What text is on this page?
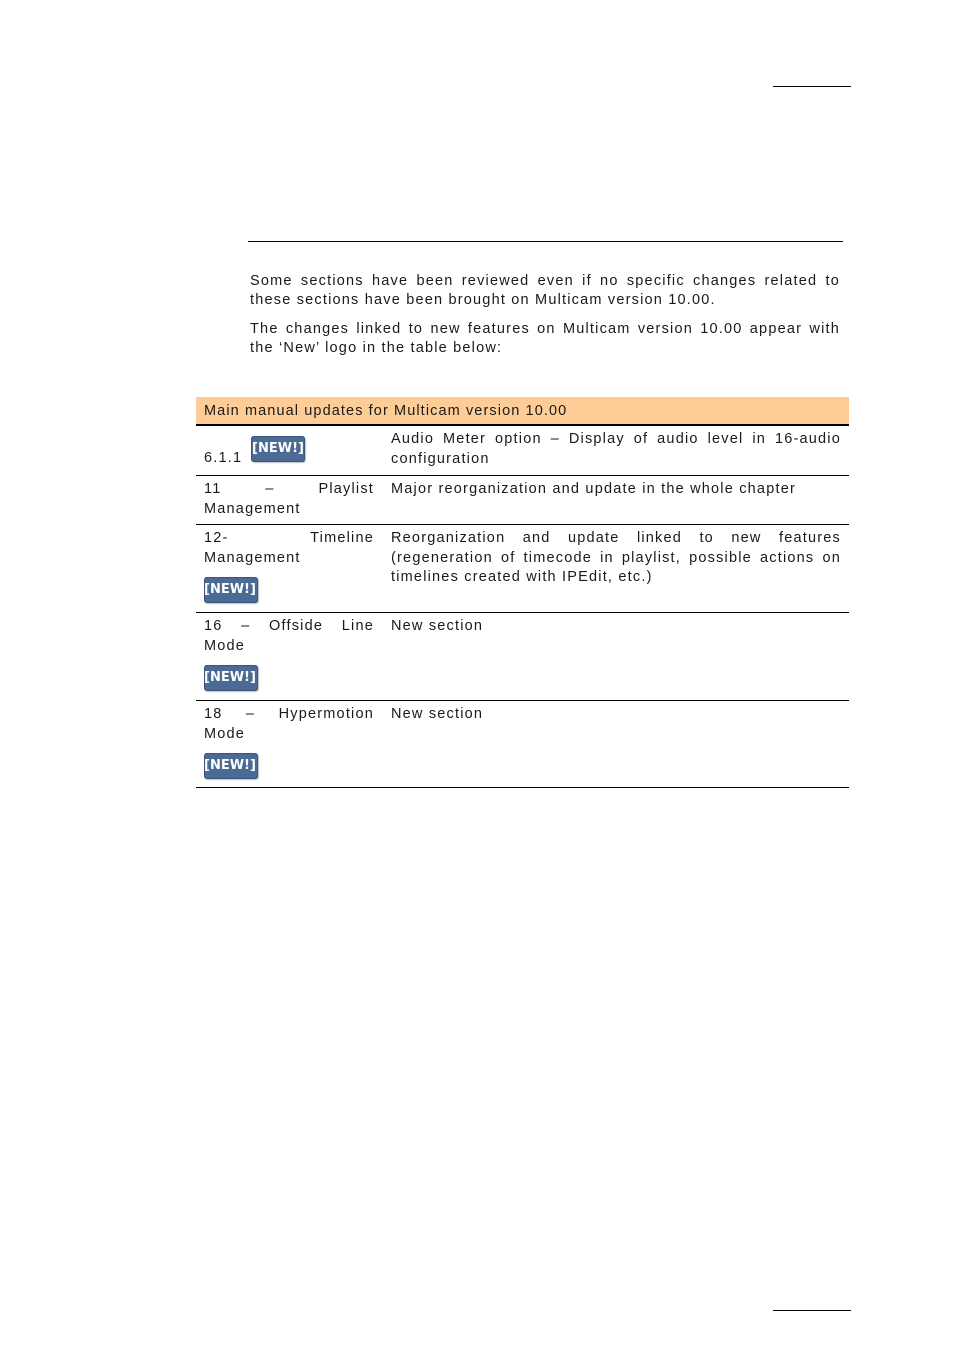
Some sections have been reviewed even if no specific changes related to these sections have been brought on Multicam version 10.00.

The changes linked to new features on Multicam version 10.00 appear with the ‘New’ logo in the table below:

Main manual updates for Multicam version 10.00
6.1.1
[NEW!]
Audio Meter option – Display of audio level in 16-audio configuration
11 – Playlist Management
Major reorganization and update in the whole chapter
12- Timeline Management
[NEW!]
Reorganization and update linked to new features (regeneration of timecode in playlist, possible actions on timelines created with IPEdit, etc.)
16 – Offside Line Mode
[NEW!]
New section
18 – Hypermotion Mode
[NEW!]
New section
